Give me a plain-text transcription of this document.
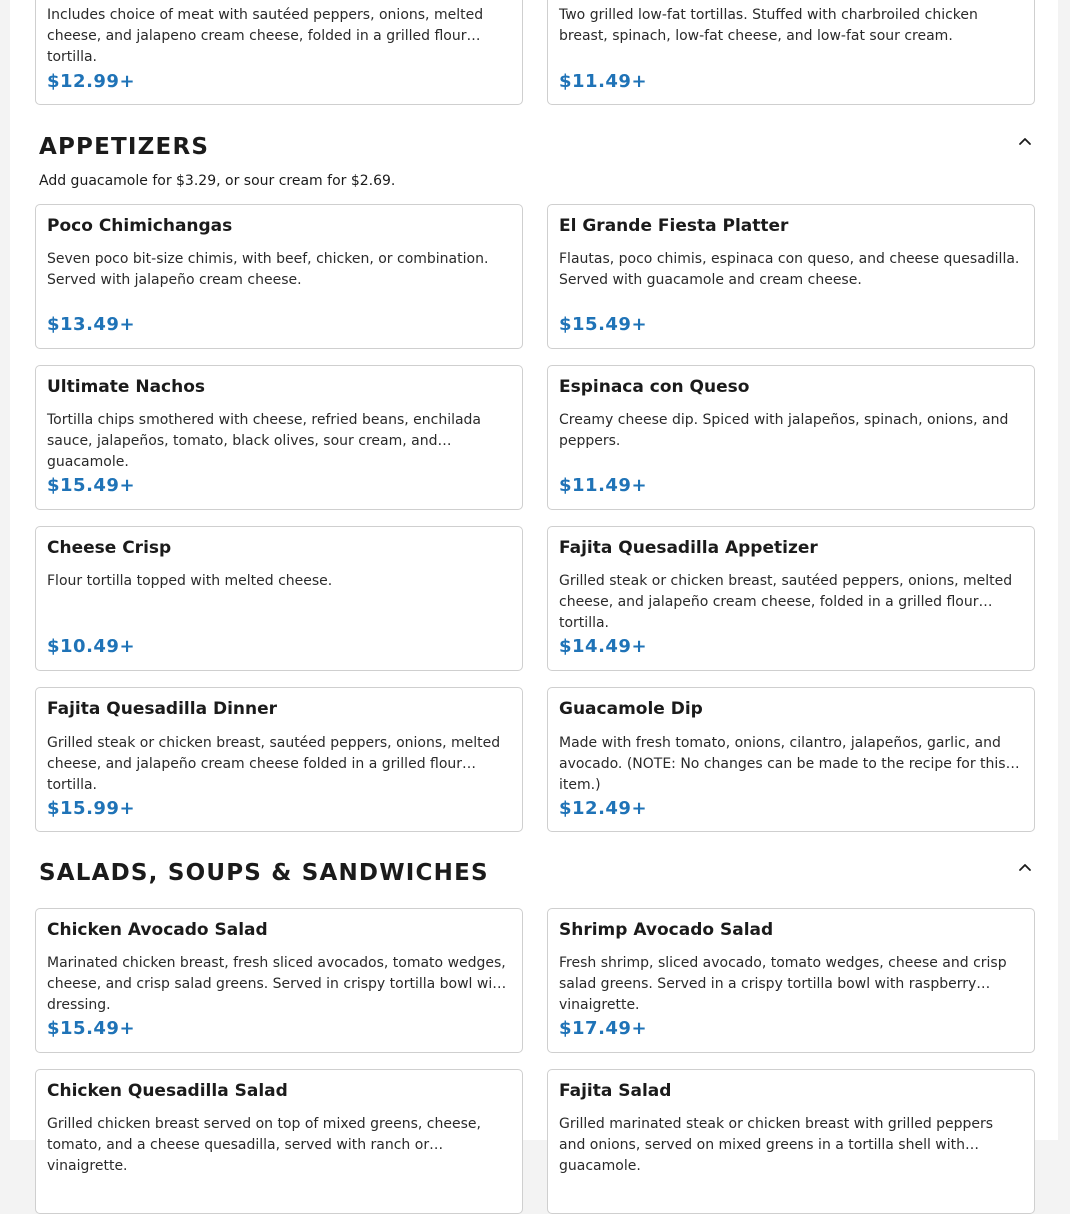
Includes choice of meat with sautéed peppers, onions, melted cheese, and jalapeno cream cheese, folded in a grilled flour tortilla.
$12.99+
Two grilled low-fat tortillas. Stuffed with charbroiled chicken breast, spinach, low-fat cheese, and low-fat sour cream.
$11.49+
APPETIZERS
Add guacamole for $3.29, or sour cream for $2.69.
Poco Chimichangas
Seven poco bit-size chimis, with beef, chicken, or combination. Served with jalapeño cream cheese.
$13.49+
El Grande Fiesta Platter
Flautas, poco chimis, espinaca con queso, and cheese quesadilla. Served with guacamole and cream cheese.
$15.49+
Ultimate Nachos
Tortilla chips smothered with cheese, refried beans, enchilada sauce, jalapeños, tomato, black olives, sour cream, and guacamole.
$15.49+
Espinaca con Queso
Creamy cheese dip. Spiced with jalapeños, spinach, onions, and peppers.
$11.49+
Cheese Crisp
Flour tortilla topped with melted cheese.
$10.49+
Fajita Quesadilla Appetizer
Grilled steak or chicken breast, sautéed peppers, onions, melted cheese, and jalapeño cream cheese, folded in a grilled flour tortilla.
$14.49+
Fajita Quesadilla Dinner
Grilled steak or chicken breast, sautéed peppers, onions, melted cheese, and jalapeño cream cheese folded in a grilled flour tortilla.
$15.99+
Guacamole Dip
Made with fresh tomato, onions, cilantro, jalapeños, garlic, and avocado. (NOTE: No changes can be made to the recipe for this item.)
$12.49+
SALADS, SOUPS & SANDWICHES
Chicken Avocado Salad
Marinated chicken breast, fresh sliced avocados, tomato wedges, cheese, and crisp salad greens. Served in crispy tortilla bowl with dressing.
$15.49+
Shrimp Avocado Salad
Fresh shrimp, sliced avocado, tomato wedges, cheese and crisp salad greens. Served in a crispy tortilla bowl with raspberry vinaigrette.
$17.49+
Chicken Quesadilla Salad
Grilled chicken breast served on top of mixed greens, cheese, tomato, and a cheese quesadilla, served with ranch or vinaigrette.
Fajita Salad
Grilled marinated steak or chicken breast with grilled peppers and onions, served on mixed greens in a tortilla shell with guacamole.
